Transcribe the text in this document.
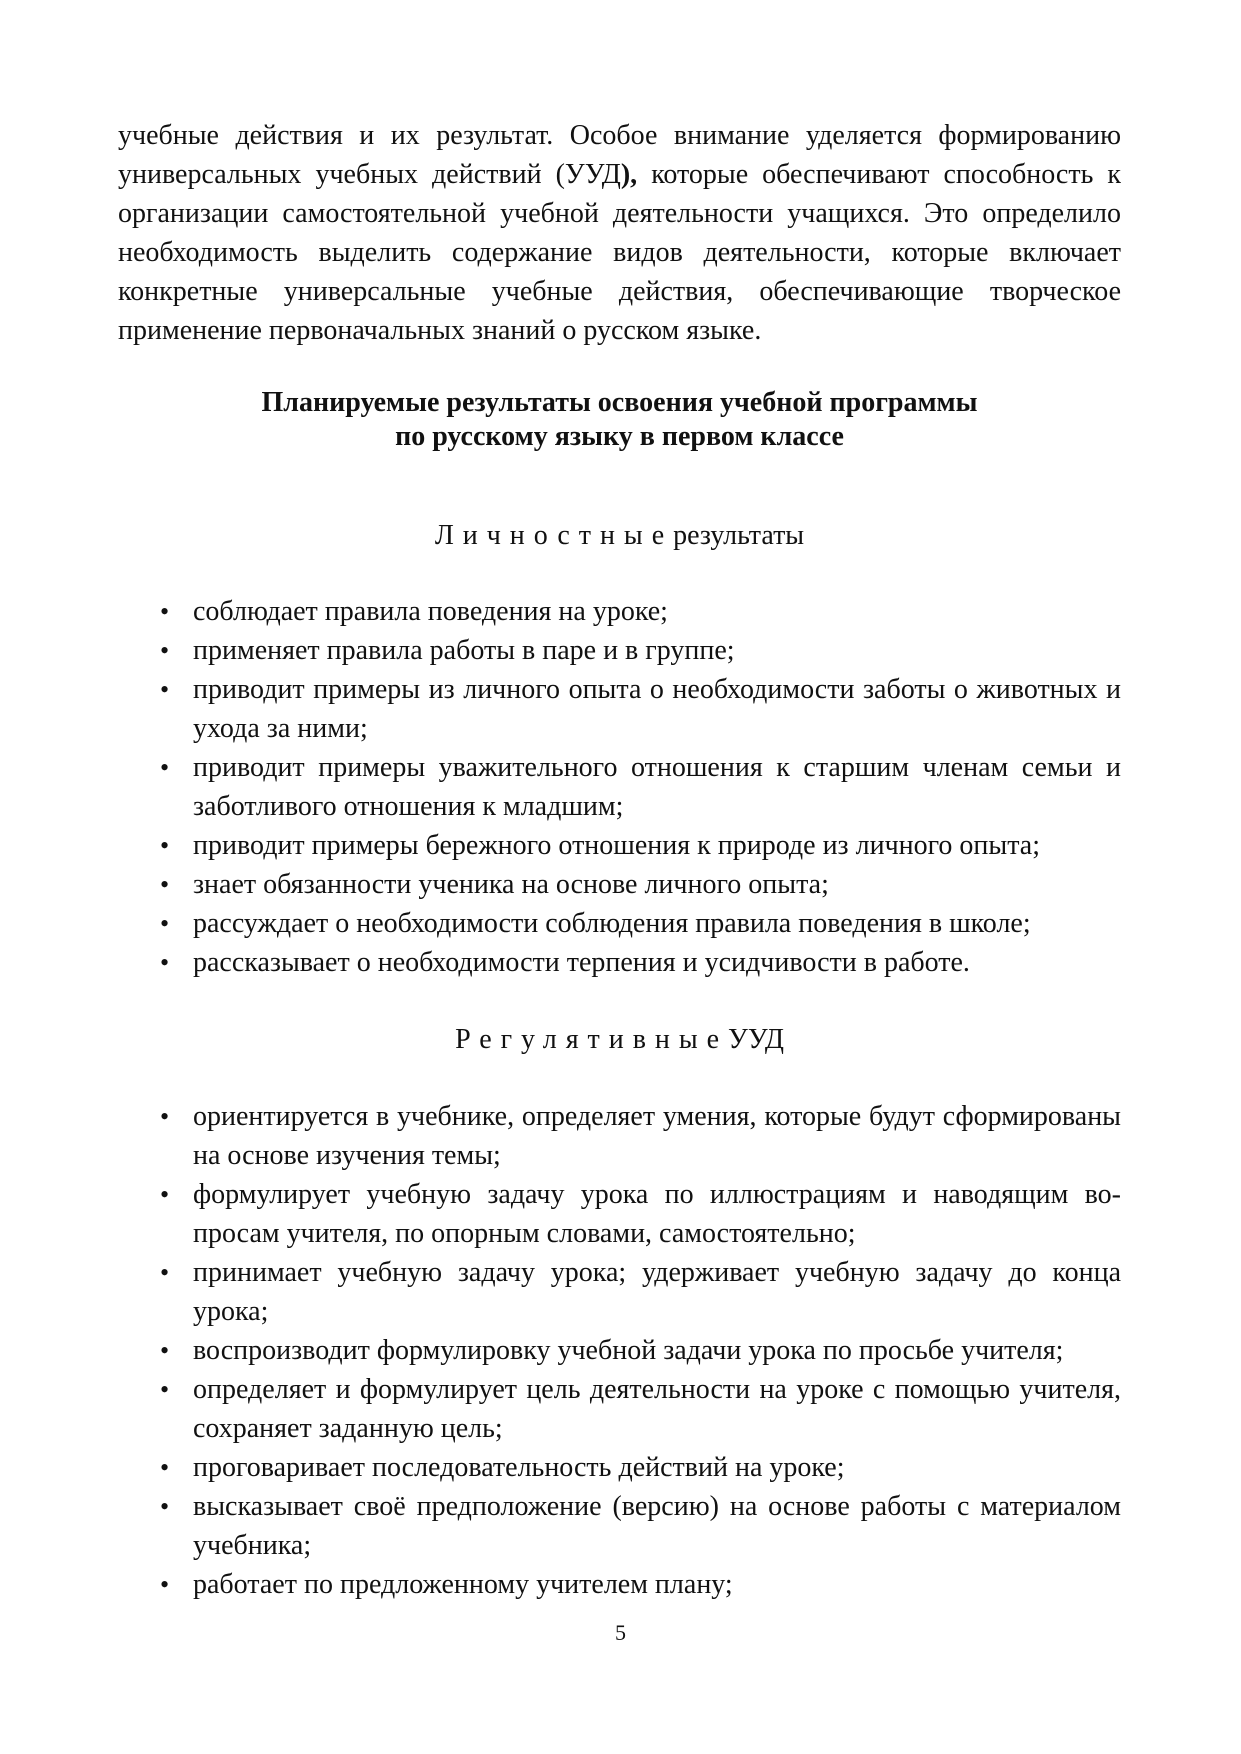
учебные действия и их результат. Особое внимание уделяется формированию универсальных учебных действий (УУД), которые обеспечивают способность к организации самостоятельной учебной деятельности учащихся. Это определило необходимость выделить содержание видов деятельности, которые включает конкретные универсальные учебные действия, обеспечивающие творческое применение первоначальных знаний о русском языке.

Планируемые результаты освоения учебной программы
по русскому языку в первом классе

Личностныерезультаты

• соблюдает правила поведения на уроке;
• применяет правила работы в паре и в группе;
• приводит примеры из личного опыта о необходимости заботы о животных и ухода за ними;
• приводит примеры уважительного отношения к старшим членам семьи и заботливого отношения к младшим;
• приводит примеры бережного отношения к природе из личного опыта;
• знает обязанности ученика на основе личного опыта;
• рассуждает о необходимости соблюдения правила поведения в школе;
• рассказывает о необходимости терпения и усидчивости в работе.

РегулятивныеУУД

• ориентируется в учебнике, определяет умения, которые будут сформированы на основе изучения темы;
• формулирует учебную задачу урока по иллюстрациям и наводящим вопросам учителя, по опорным словами, самостоятельно;
• принимает учебную задачу урока; удерживает учебную задачу до конца урока;
• воспроизводит формулировку учебной задачи урока по просьбе учителя;
• определяет и формулирует цель деятельности на уроке с помощью учителя, сохраняет заданную цель;
• проговаривает последовательность действий на уроке;
• высказывает своё предположение (версию) на основе работы с материалом учебника;
• работает по предложенному учителем плану;

5
